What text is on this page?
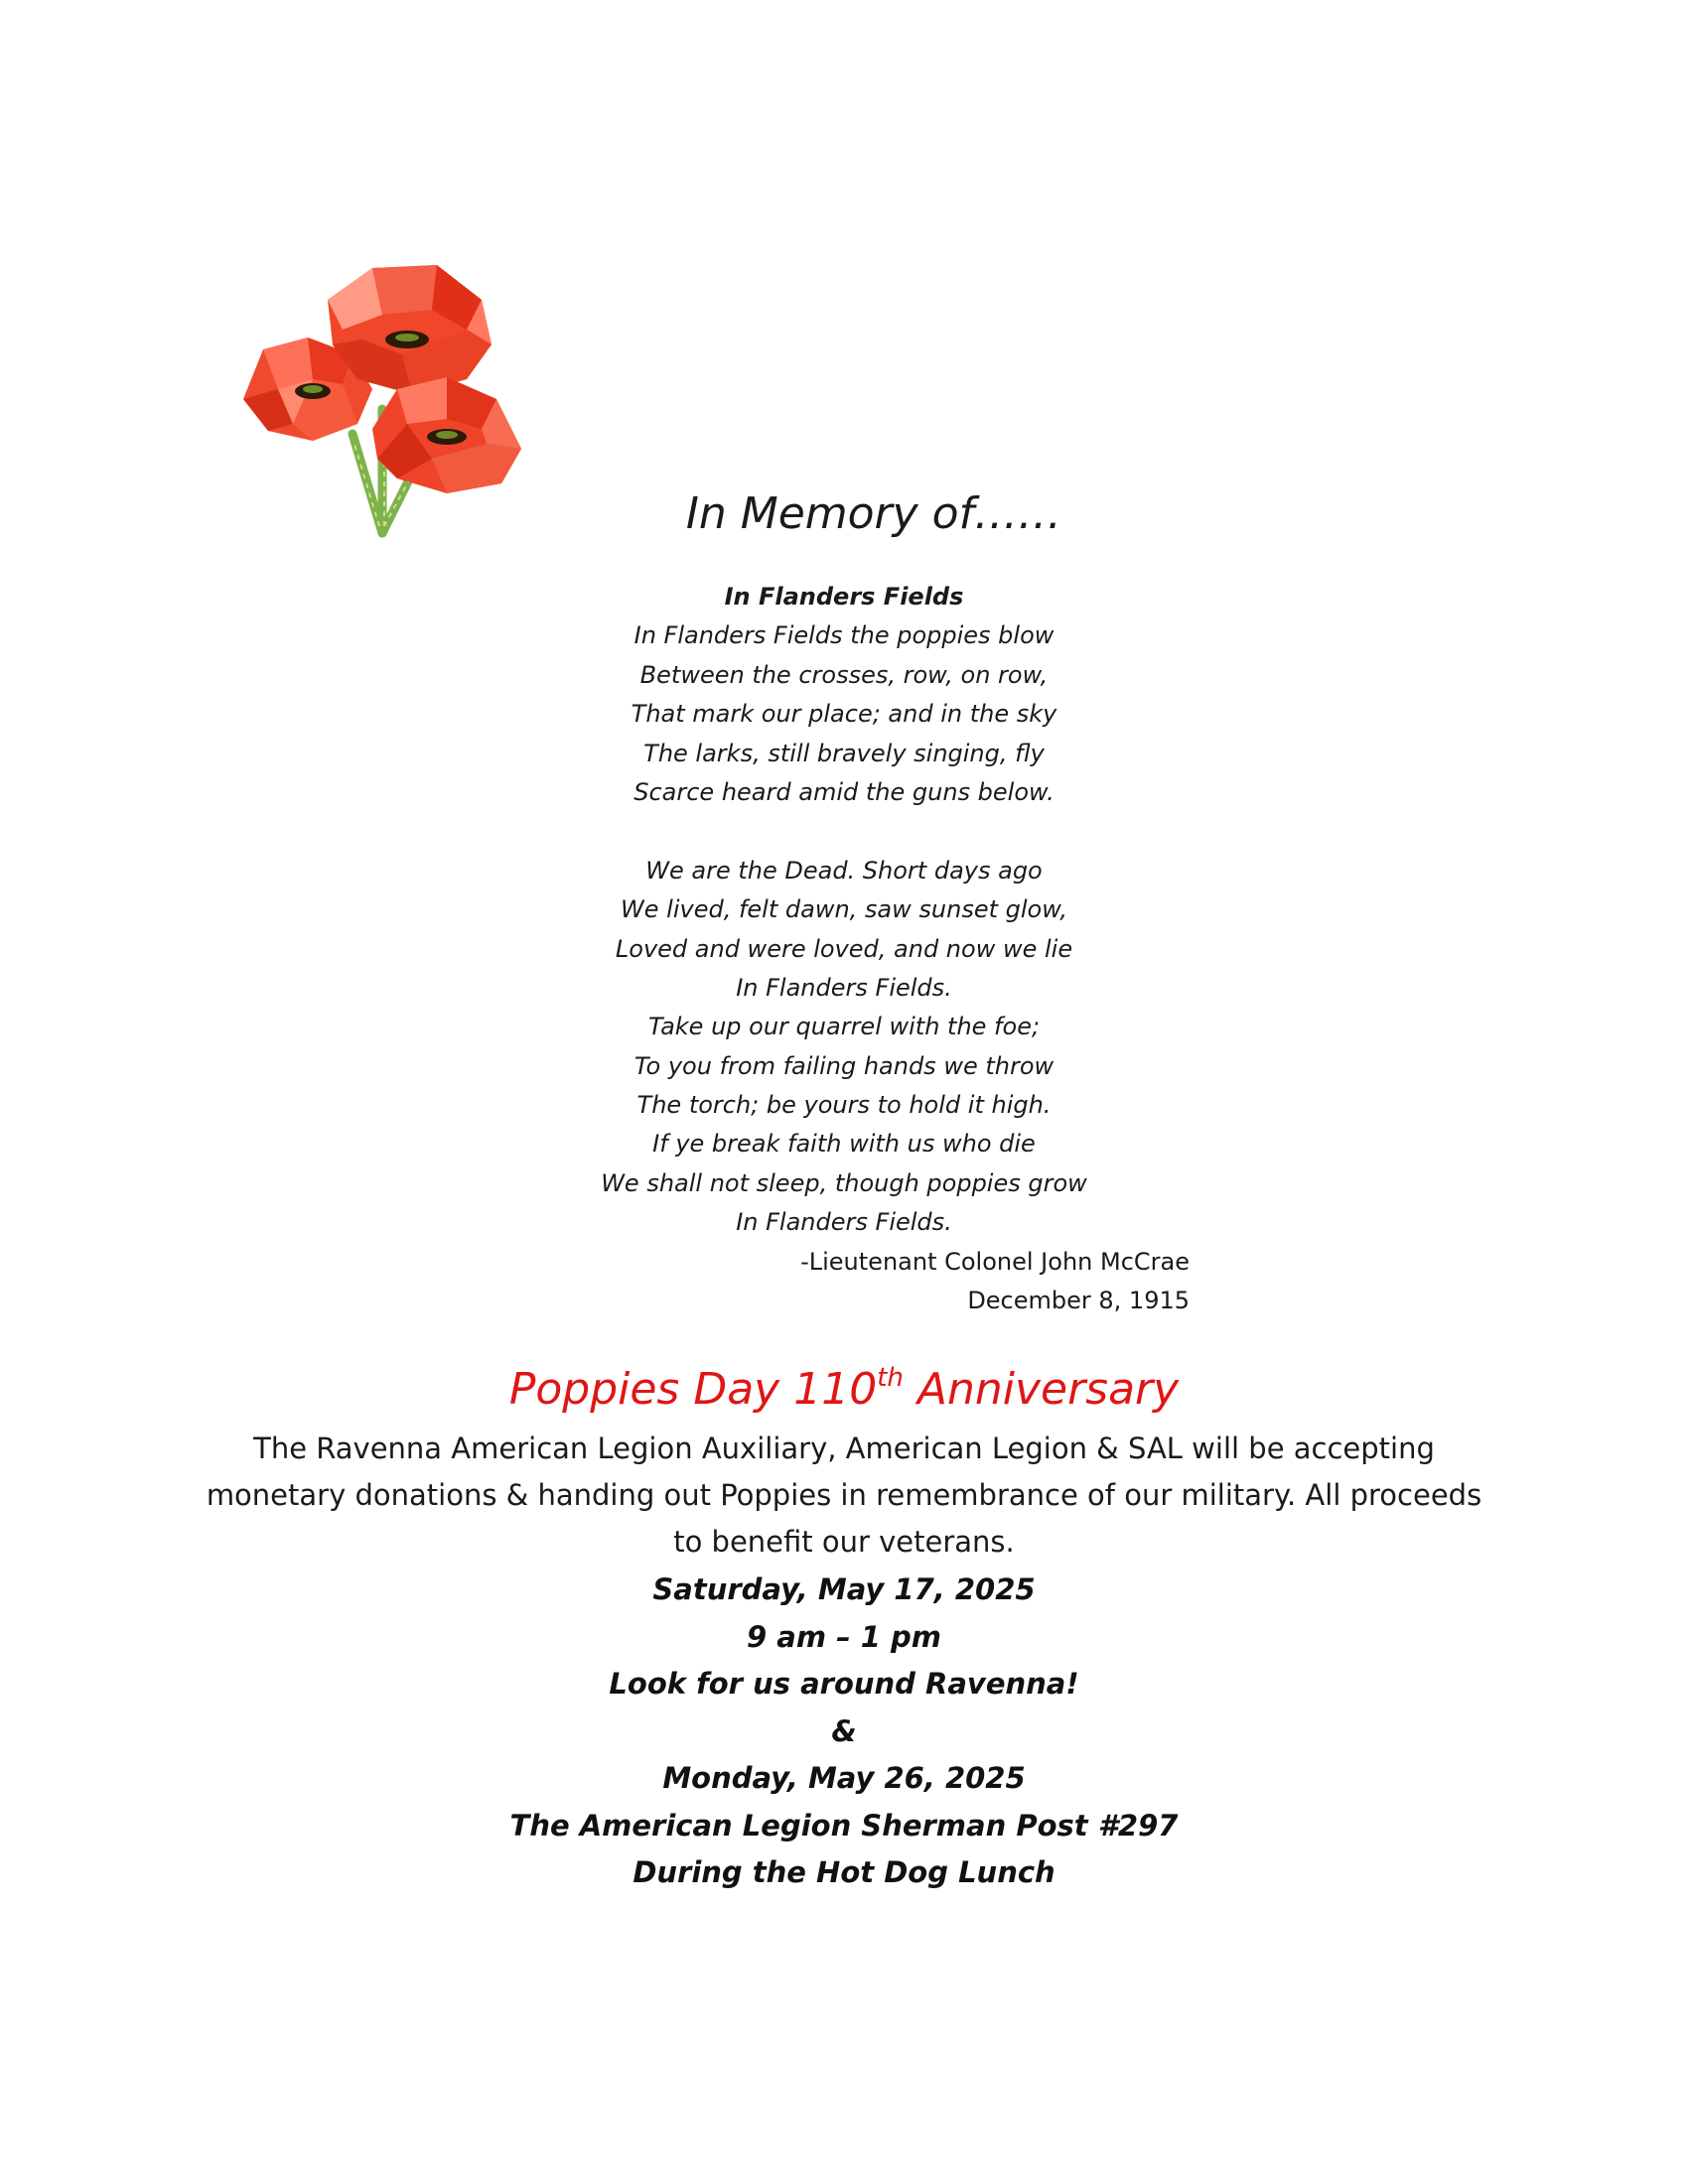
In Memory of……
In Flanders Fields
In Flanders Fields the poppies blow
Between the crosses, row, on row,
That mark our place; and in the sky
The larks, still bravely singing, fly
Scarce heard amid the guns below.
We are the Dead. Short days ago
We lived, felt dawn, saw sunset glow,
Loved and were loved, and now we lie
In Flanders Fields.
Take up our quarrel with the foe;
To you from failing hands we throw
The torch; be yours to hold it high.
If ye break faith with us who die
We shall not sleep, though poppies grow
In Flanders Fields.
-Lieutenant Colonel John McCrae
December 8, 1915
Poppies Day 110th Anniversary
The Ravenna American Legion Auxiliary, American Legion & SAL will be accepting monetary donations & handing out Poppies in remembrance of our military. All proceeds to benefit our veterans.
Saturday, May 17, 2025
9 am – 1 pm
Look for us around Ravenna!
&
Monday, May 26, 2025
The American Legion Sherman Post #297
During the Hot Dog Lunch
